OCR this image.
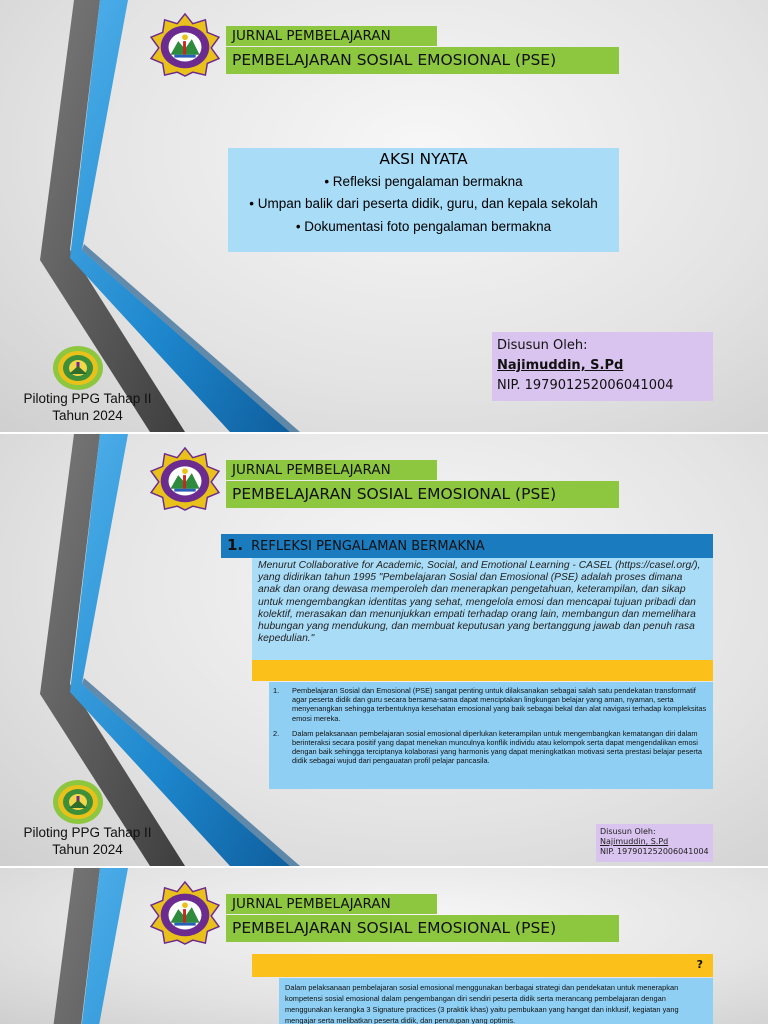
JURNAL PEMBELAJARAN
PEMBELAJARAN SOSIAL EMOSIONAL (PSE)
AKSI NYATA
• Refleksi pengalaman bermakna
• Umpan balik dari peserta didik, guru, dan kepala sekolah
• Dokumentasi foto pengalaman bermakna
Disusun Oleh:
Najimuddin, S.Pd
NIP. 197901252006041004
Piloting PPG Tahap II
Tahun 2024
JURNAL PEMBELAJARAN
PEMBELAJARAN SOSIAL EMOSIONAL (PSE)
1. REFLEKSI PENGALAMAN BERMAKNA
Menurut Collaborative for Academic, Social, and Emotional Learning - CASEL (https://casel.org/), yang didirikan tahun 1995 "Pembelajaran Sosial dan Emosional (PSE) adalah proses dimana anak dan orang dewasa memperoleh dan menerapkan pengetahuan, keterampilan, dan sikap untuk mengembangkan identitas yang sehat, mengelola emosi dan mencapai tujuan pribadi dan kolektif, merasakan dan menunjukkan empati terhadap orang lain, membangun dan memelihara hubungan yang mendukung, dan membuat keputusan yang bertanggung jawab dan penuh rasa kepedulian."
1.	Pembelajaran Sosial dan Emosional (PSE) sangat penting untuk dilaksanakan sebagai salah satu pendekatan transformatif agar peserta didik dan guru secara bersama-sama dapat menciptakan lingkungan belajar yang aman, nyaman, serta menyenangkan sehingga terbentuknya kesehatan emosional yang baik sebagai bekal dan alat navigasi terhadap kompleksitas emosi mereka.
2.	Dalam pelaksanaan pembelajaran sosial emosional diperlukan keterampilan untuk mengembangkan kematangan diri dalam berinteraksi secara positif yang dapat menekan munculnya konflik individu atau kelompok serta dapat mengendalikan emosi dengan baik sehingga terciptanya kolaborasi yang harmonis yang dapat meningkatkan motivasi serta prestasi belajar peserta didik sebagai wujud dari pengauatan profil pelajar pancasila.
Disusun Oleh:
Najimuddin, S.Pd
NIP. 197901252006041004
Piloting PPG Tahap II
Tahun 2024
JURNAL PEMBELAJARAN
PEMBELAJARAN SOSIAL EMOSIONAL (PSE)
?
Dalam pelaksanaan pembelajaran sosial emosional menggunakan berbagai strategi dan pendekatan untuk menerapkan kompetensi sosial emosional dalam pengembangan diri sendiri peserta didik serta merancang pembelajaran dengan menggunakan kerangka 3 Signature practices (3 praktik khas) yaitu pembukaan yang hangat dan inklusif, kegiatan yang mengajar serta melibatkan peserta didik, dan penutupan yang optimis.
